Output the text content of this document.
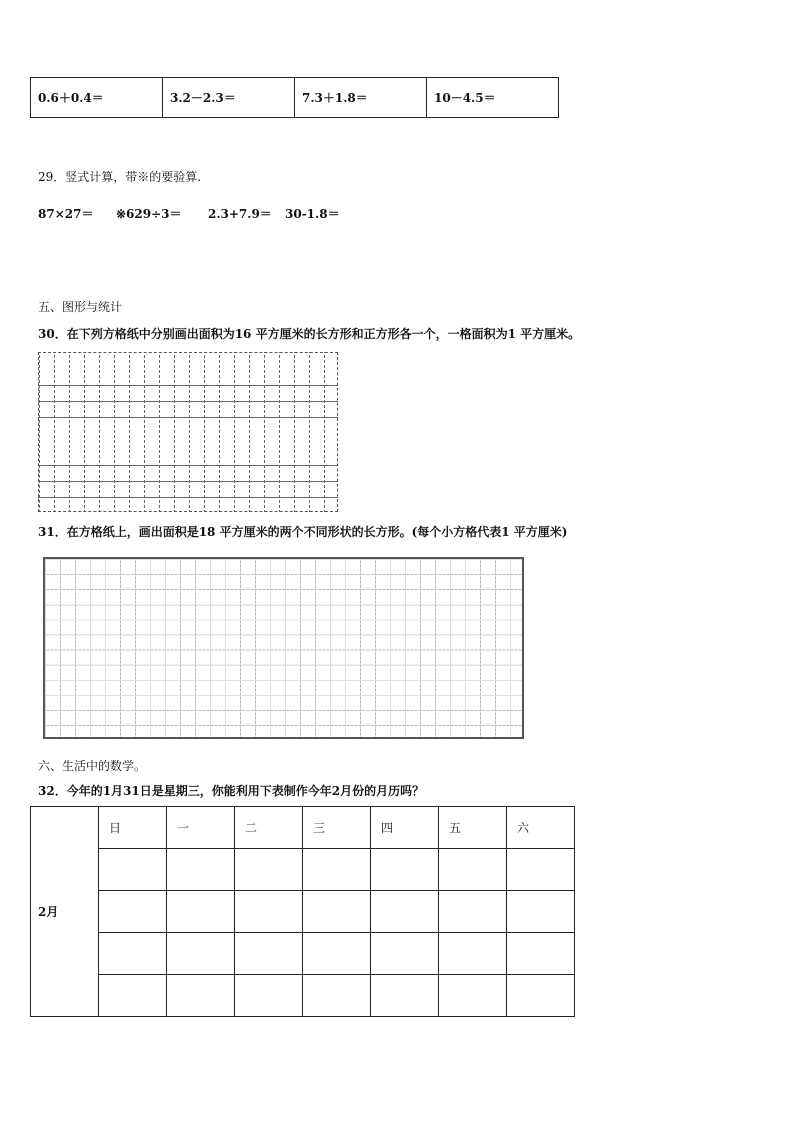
0.6＋0.4＝	3.2－2.3＝	7.3＋1.8＝	10－4.5＝
29．竖式计算，带※的要验算.
87×27＝ ※629÷3＝ 2.3+7.9＝ 30-1.8＝
五、图形与统计
30．在下列方格纸中分别画出面积为16 平方厘米的长方形和正方形各一个，一格面积为1 平方厘米。
31．在方格纸上，画出面积是18 平方厘米的两个不同形状的长方形。(每个小方格代表1 平方厘米)
六、生活中的数学。
32．今年的1月31日是星期三，你能利用下表制作今年2月份的月历吗？
2月	日	一	二	三	四	五	六
